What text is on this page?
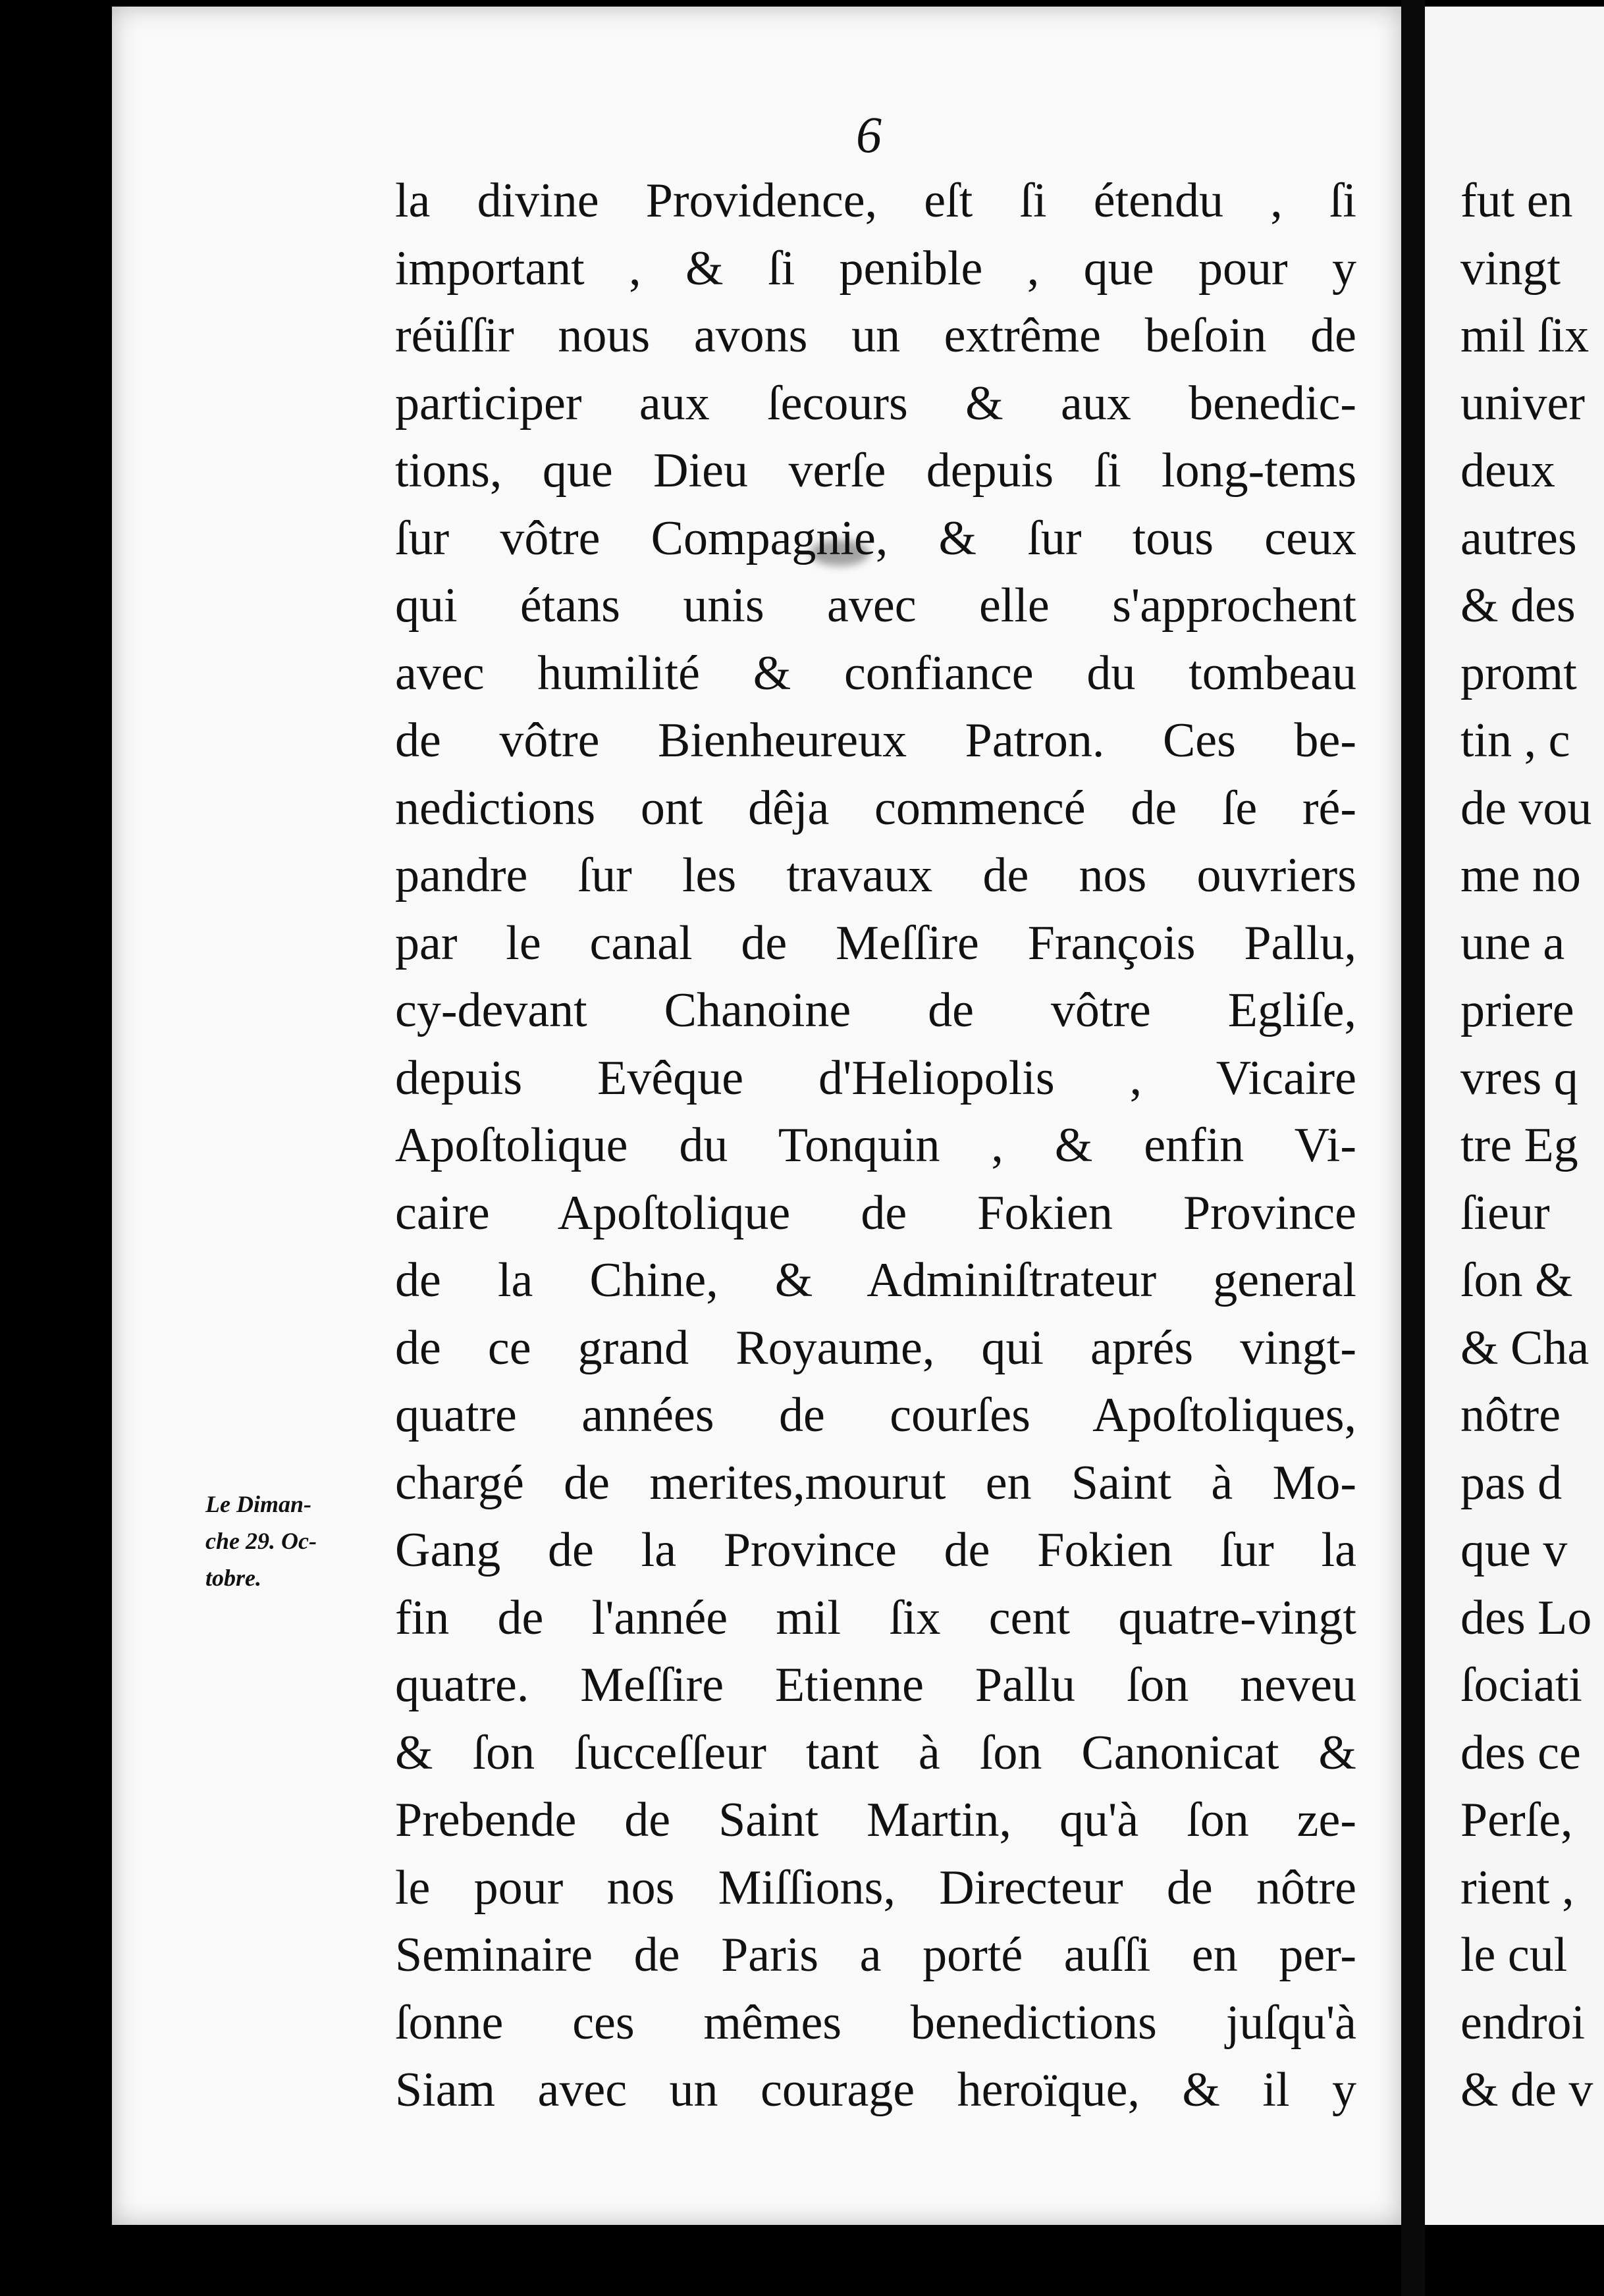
6
la divine Providence, eſt ſi étendu , ſi
important , & ſi penible , que pour y
réüſſir nous avons un extrême beſoin de
participer aux ſecours & aux benedic-
tions, que Dieu verſe depuis ſi long-tems
ſur vôtre Compagnie, & ſur tous ceux
qui étans unis avec elle s'approchent
avec humilité & confiance du tombeau
de vôtre Bienheureux Patron. Ces be-
nedictions ont dêja commencé de ſe ré-
pandre ſur les travaux de nos ouvriers
par le canal de Meſſire François Pallu,
cy-devant Chanoine de vôtre Egliſe,
depuis Evêque d'Heliopolis , Vicaire
Apoſtolique du Tonquin , & enfin Vi-
caire Apoſtolique de Fokien Province
de la Chine, & Adminiſtrateur general
de ce grand Royaume, qui aprés vingt-
quatre années de courſes Apoſtoliques,
chargé de merites,mourut en Saint à Mo-
Gang de la Province de Fokien ſur la
fin de l'année mil ſix cent quatre-vingt
quatre. Meſſire Etienne Pallu ſon neveu
& ſon ſucceſſeur tant à ſon Canonicat &
Prebende de Saint Martin, qu'à ſon ze-
le pour nos Miſſions, Directeur de nôtre
Seminaire de Paris a porté auſſi en per-
ſonne ces mêmes benedictions juſqu'à
Siam avec un courage heroïque, & il y
Le Diman-
che 29. Oc-
tobre.
fut en
vingt
mil ſix
univer
deux
autres
& des
promt
tin , c
de vou
me no
une a
priere
vres q
tre Eg
ſieur
ſon &
& Cha
nôtre
pas d
que v
des Lo
ſociati
des ce
Perſe,
rient ,
le cul
endroi
& de v
